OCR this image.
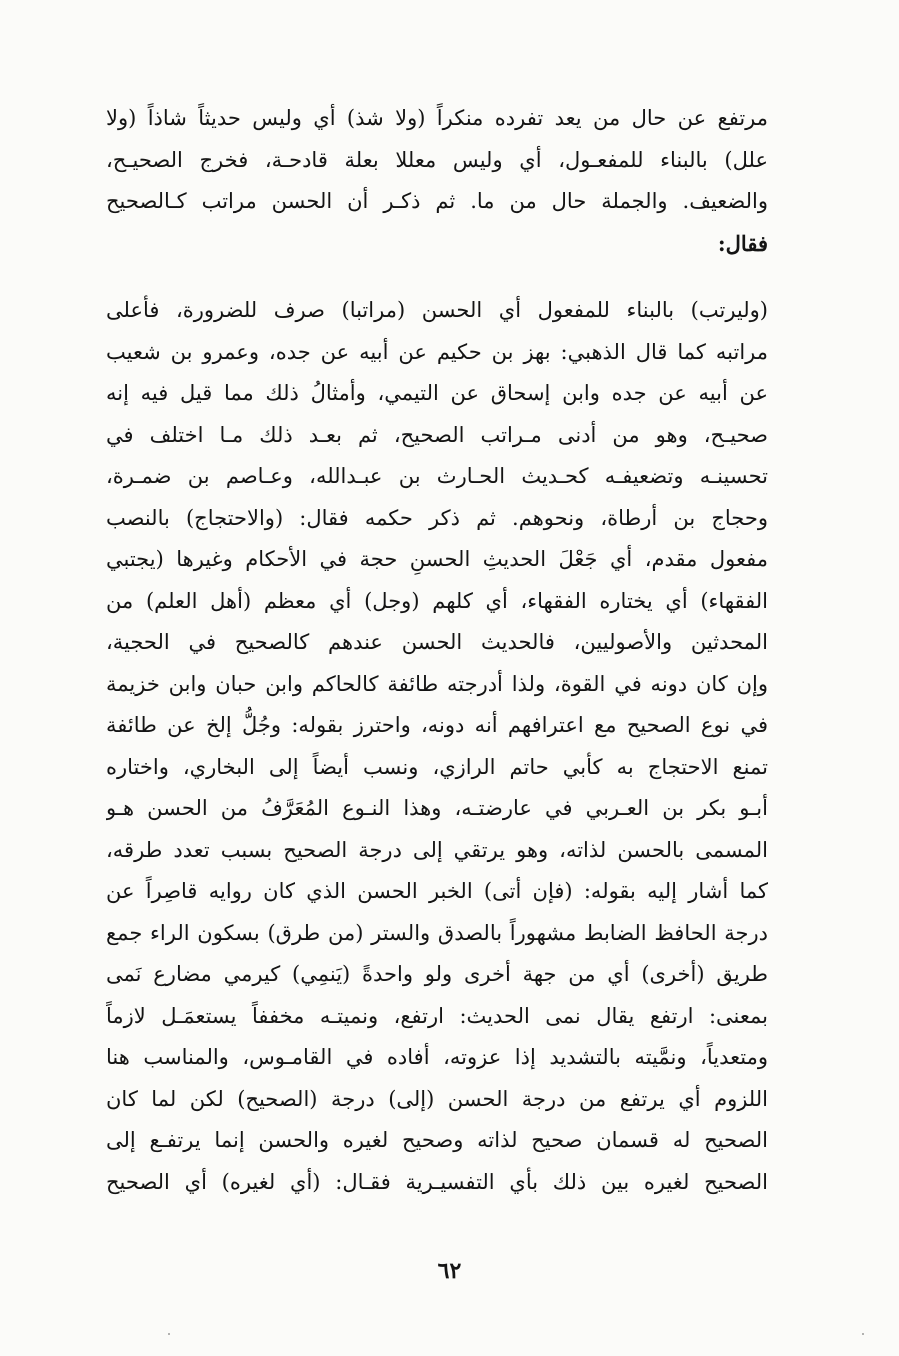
مرتفع عن حال من يعد تفرده منكراً (ولا شذ) أي وليس حديثاً شاذاً (ولا
علل) بالبناء للمفعـول، أي وليس معللا بعلة قادحـة، فخرج الصحيـح،
والضعيف. والجملة حال من ما. ثم ذكـر أن الحسن مراتب كـالصحيح
فقال:
(وليرتب) بالبناء للمفعول أي الحسن (مراتبا) صرف للضرورة، فأعلى
مراتبه كما قال الذهبي: بهز بن حكيم عن أبيه عن جده، وعمرو بن شعيب
عن أبيه عن جده وابن إسحاق عن التيمي، وأمثالُ ذلك مما قيل فيه إنه
صحيـح، وهو من أدنى مـراتب الصحيح، ثم بعـد ذلك مـا اختلف في
تحسينـه وتضعيفـه كحـديث الحـارث بن عبـدالله، وعـاصم بن ضمـرة،
وحجاج بن أرطاة، ونحوهم. ثم ذكر حكمه فقال: (والاحتجاج) بالنصب
مفعول مقدم، أي جَعْلَ الحديثِ الحسنِ حجة في الأحكام وغيرها (يجتبي
الفقهاء) أي يختاره الفقهاء، أي كلهم (وجل) أي معظم (أهل العلم) من
المحدثين والأصوليين، فالحديث الحسن عندهم كالصحيح في الحجية،
وإن كان دونه في القوة، ولذا أدرجته طائفة كالحاكم وابن حبان وابن خزيمة
في نوع الصحيح مع اعترافهم أنه دونه، واحترز بقوله: وجُلُّ إلخ عن طائفة
تمنع الاحتجاج به كأبي حاتم الرازي، ونسب أيضاً إلى البخاري، واختاره
أبـو بكر بن العـربي في عارضتـه، وهذا النـوع المُعَرَّفُ من الحسن هـو
المسمى بالحسن لذاته، وهو يرتقي إلى درجة الصحيح بسبب تعدد طرقه،
كما أشار إليه بقوله: (فإن أتى) الخبر الحسن الذي كان روايه قاصِراً عن
درجة الحافظ الضابط مشهوراً بالصدق والستر (من طرق) بسكون الراء جمع
طريق (أخرى) أي من جهة أخرى ولو واحدةً (يَنمِي) كيرمي مضارع نَمى
بمعنى: ارتفع يقال نمى الحديث: ارتفع، ونميتـه مخففاً يستعمَـل لازماً
ومتعدياً، ونمَّيته بالتشديد إذا عزوته، أفاده في القامـوس، والمناسب هنا
اللزوم أي يرتفع من درجة الحسن (إلى) درجة (الصحيح) لكن لما كان
الصحيح له قسمان صحيح لذاته وصحيح لغيره والحسن إنما يرتفـع إلى
الصحيح لغيره بين ذلك بأي التفسيـرية فقـال: (أي لغيره) أي الصحيح
٦٢
